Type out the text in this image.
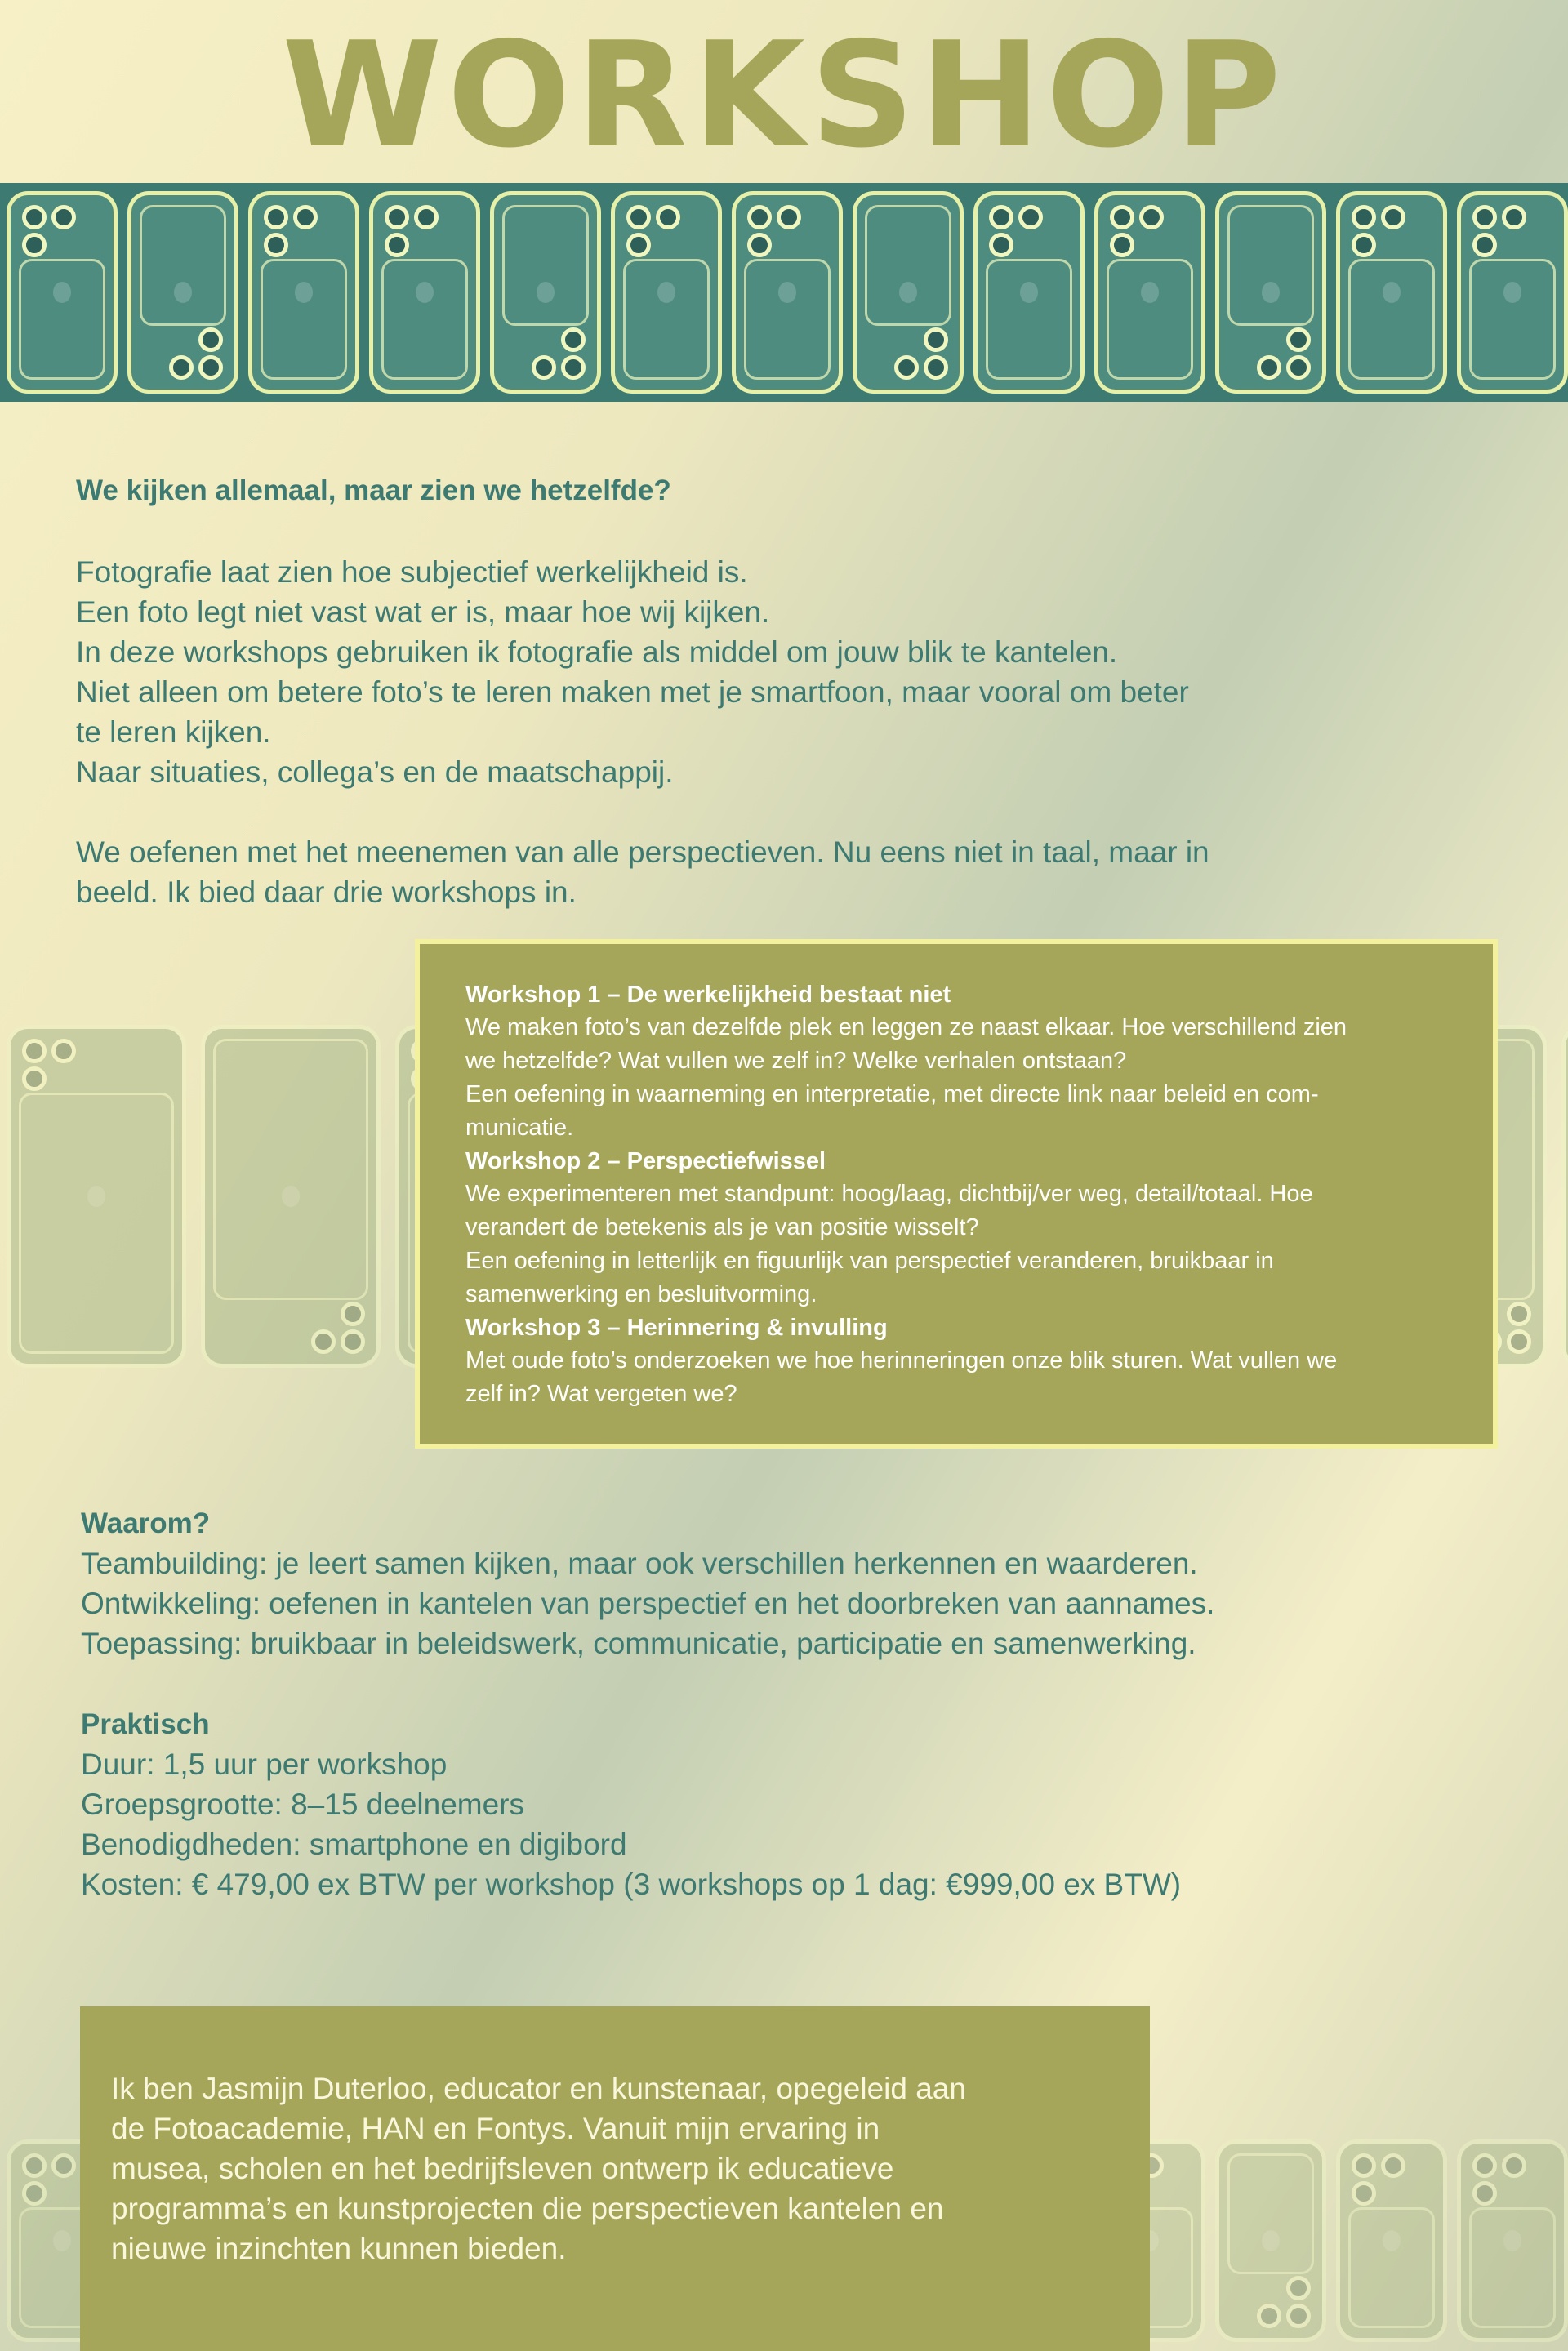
WORKSHOP

We kijken allemaal, maar zien we hetzelfde?

Fotografie laat zien hoe subjectief werkelijkheid is.
Een foto legt niet vast wat er is, maar hoe wij kijken.
In deze workshops gebruiken ik fotografie als middel om jouw blik te kantelen.
Niet alleen om betere foto’s te leren maken met je smartfoon, maar vooral om beter
te leren kijken.
Naar situaties, collega’s en de maatschappij.
We oefenen met het meenemen van alle perspectieven. Nu eens niet in taal, maar in
beeld. Ik bied daar drie workshops in.
Workshop 1 – De werkelijkheid bestaat niet
We maken foto’s van dezelfde plek en leggen ze naast elkaar. Hoe verschillend zien
we hetzelfde? Wat vullen we zelf in? Welke verhalen ontstaan?
Een oefening in waarneming en interpretatie, met directe link naar beleid en com-
municatie.
Workshop 2 – Perspectiefwissel
We experimenteren met standpunt: hoog/laag, dichtbij/ver weg, detail/totaal. Hoe
verandert de betekenis als je van positie wisselt?
Een oefening in letterlijk en figuurlijk van perspectief veranderen, bruikbaar in
samenwerking en besluitvorming.
Workshop 3 – Herinnering & invulling
Met oude foto’s onderzoeken we hoe herinneringen onze blik sturen. Wat vullen we
zelf in? Wat vergeten we?
Waarom?
Teambuilding: je leert samen kijken, maar ook verschillen herkennen en waarderen.
Ontwikkeling: oefenen in kantelen van perspectief en het doorbreken van aannames.
Toepassing: bruikbaar in beleidswerk, communicatie, participatie en samenwerking.
Praktisch
Duur: 1,5 uur per workshop
Groepsgrootte: 8–15 deelnemers
Benodigdheden: smartphone en digibord
Kosten: € 479,00 ex BTW per workshop (3 workshops op 1 dag: €999,00 ex BTW)
Ik ben Jasmijn Duterloo, educator en kunstenaar, opegeleid aan
de Fotoacademie, HAN en Fontys. Vanuit mijn ervaring in
musea, scholen en het bedrijfsleven ontwerp ik educatieve
programma’s en kunstprojecten die perspectieven kantelen en
nieuwe inzinchten kunnen bieden.
